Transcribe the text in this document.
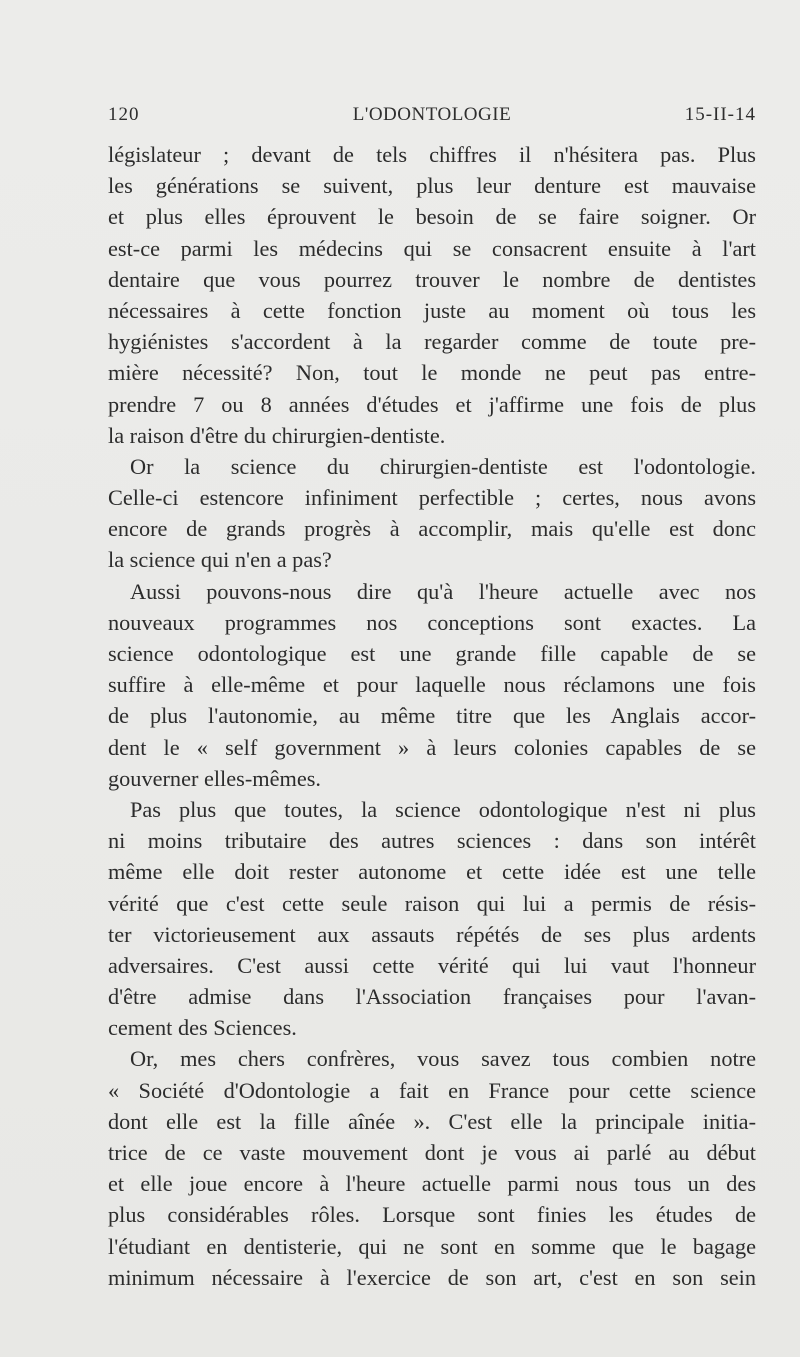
120	L'ODONTOLOGIE	15-II-14
législateur ; devant de tels chiffres il n'hésitera pas. Plus
les générations se suivent, plus leur denture est mauvaise
et plus elles éprouvent le besoin de se faire soigner. Or
est-ce parmi les médecins qui se consacrent ensuite à l'art
dentaire que vous pourrez trouver le nombre de dentistes
nécessaires à cette fonction juste au moment où tous les
hygiénistes s'accordent à la regarder comme de toute pre-
mière nécessité? Non, tout le monde ne peut pas entre-
prendre 7 ou 8 années d'études et j'affirme une fois de plus
la raison d'être du chirurgien-dentiste.
Or la science du chirurgien-dentiste est l'odontologie.
Celle-ci estencore infiniment perfectible ; certes, nous avons
encore de grands progrès à accomplir, mais qu'elle est donc
la science qui n'en a pas?
Aussi pouvons-nous dire qu'à l'heure actuelle avec nos
nouveaux programmes nos conceptions sont exactes. La
science odontologique est une grande fille capable de se
suffire à elle-même et pour laquelle nous réclamons une fois
de plus l'autonomie, au même titre que les Anglais accor-
dent le « self government » à leurs colonies capables de se
gouverner elles-mêmes.
Pas plus que toutes, la science odontologique n'est ni plus
ni moins tributaire des autres sciences : dans son intérêt
même elle doit rester autonome et cette idée est une telle
vérité que c'est cette seule raison qui lui a permis de résis-
ter victorieusement aux assauts répétés de ses plus ardents
adversaires. C'est aussi cette vérité qui lui vaut l'honneur
d'être admise dans l'Association françaises pour l'avan-
cement des Sciences.
Or, mes chers confrères, vous savez tous combien notre
« Société d'Odontologie a fait en France pour cette science
dont elle est la fille aînée ». C'est elle la principale initia-
trice de ce vaste mouvement dont je vous ai parlé au début
et elle joue encore à l'heure actuelle parmi nous tous un des
plus considérables rôles. Lorsque sont finies les études de
l'étudiant en dentisterie, qui ne sont en somme que le bagage
minimum nécessaire à l'exercice de son art, c'est en son sein
